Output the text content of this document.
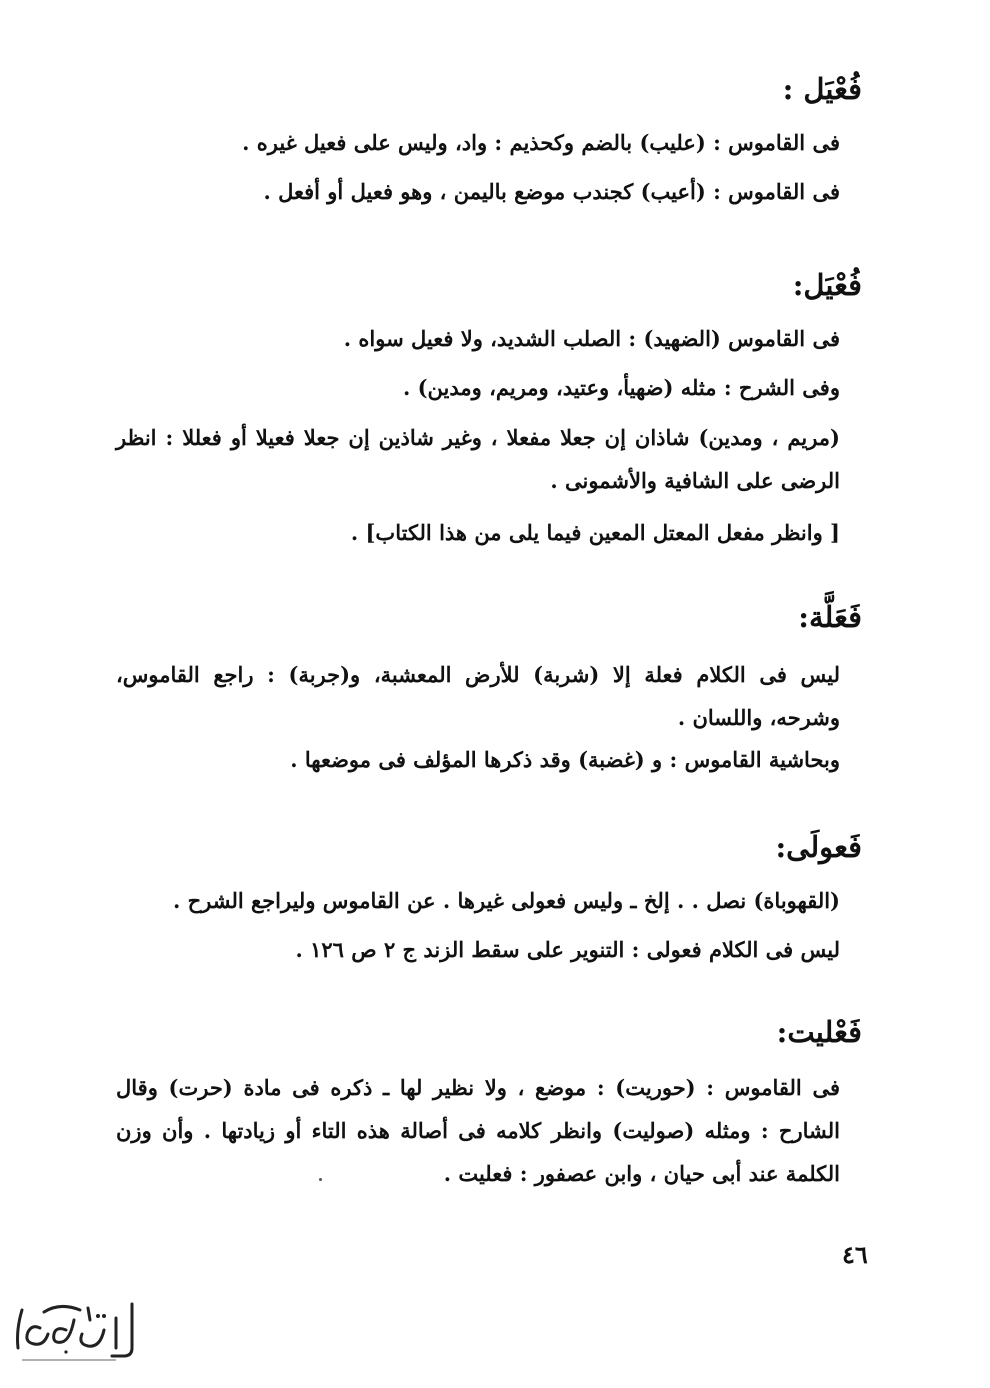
فُعْيَل :
فى القاموس : (عليب) بالضم وكحذيم : واد، وليس على فعيل غيره .
فى القاموس : (أعيب) كجندب موضع باليمن ، وهو فعيل أو أفعل .
فُعْيَل:
فى القاموس (الضهيد) : الصلب الشديد، ولا فعيل سواه .
وفى الشرح : مثله (ضهيأ، وعتيد، ومريم، ومدين) .
(مريم ، ومدين) شاذان إن جعلا مفعلا ، وغير شاذين إن جعلا فعيلا أو فعللا : انظر الرضى على الشافية والأشمونى .
[ وانظر مفعل المعتل المعين فيما يلى من هذا الكتاب] .
فَعَلَّة:
ليس فى الكلام فعلة إلا (شربة) للأرض المعشبة، و(جربة) : راجع القاموس، وشرحه، واللسان .
وبحاشية القاموس : و (غضبة) وقد ذكرها المؤلف فى موضعها .
فَعولَى:
(القهوباة) نصل . . إلخ ـ وليس فعولى غيرها . عن القاموس وليراجع الشرح .
ليس فى الكلام فعولى : التنوير على سقط الزند ج ٢ ص ١٢٦ .
فَعْليت:
فى القاموس : (حوريت) : موضع ، ولا نظير لها ـ ذكره فى مادة (حرت) وقال الشارح : ومثله (صوليت) وانظر كلامه فى أصالة هذه التاء أو زيادتها . وأن وزن الكلمة عند أبى حيان ، وابن عصفور : فعليت .
٤٦
